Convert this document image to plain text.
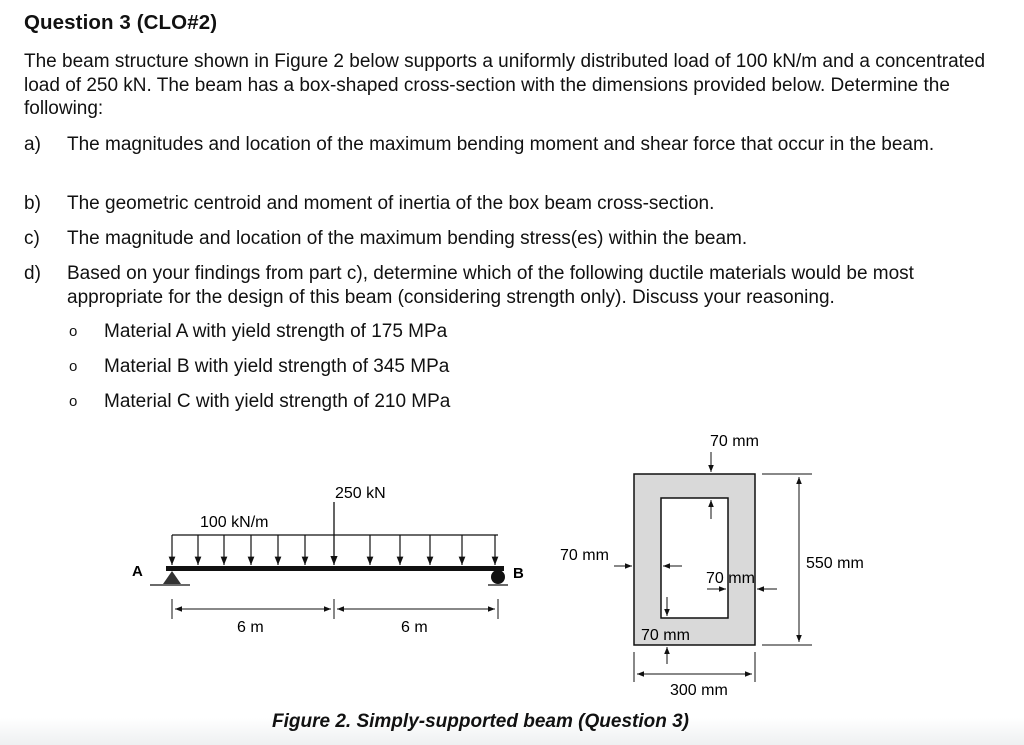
Question 3 (CLO#2)

The beam structure shown in Figure 2 below supports a uniformly distributed load of 100 kN/m and a concentrated load of 250 kN. The beam has a box-shaped cross-section with the dimensions provided below. Determine the following:

a) The magnitudes and location of the maximum bending moment and shear force that occur in the beam.
b) The geometric centroid and moment of inertia of the box beam cross-section.
c) The magnitude and location of the maximum bending stress(es) within the beam.
d) Based on your findings from part c), determine which of the following ductile materials would be most appropriate for the design of this beam (considering strength only). Discuss your reasoning.
o Material A with yield strength of 175 MPa
o Material B with yield strength of 345 MPa
o Material C with yield strength of 210 MPa
100 kN/m
250 kN
A	B
6 m	6 m
70 mm
70 mm
70 mm
70 mm
550 mm
300 mm

Figure 2. Simply-supported beam (Question 3)
